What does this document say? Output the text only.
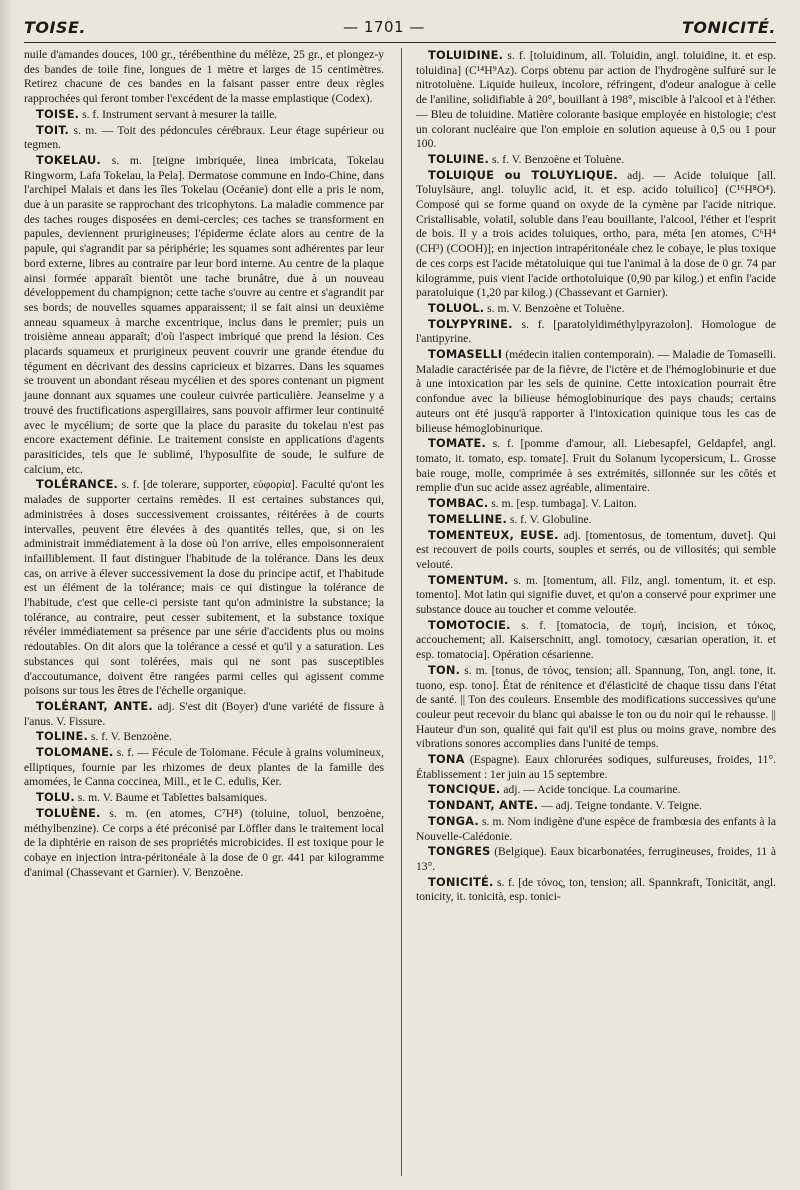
TOISE.	— 1701 —	TONICITÉ.

nuile d'amandes douces, 100 gr., térébenthine du mélèze, 25 gr., et plongez-y des bandes de toile fine, longues de 1 mètre et larges de 15 centimètres. Retirez chacune de ces bandes en la faisant passer entre deux règles rapprochées qui feront tomber l'excédent de la masse emplastique (Codex).

TOISE. s. f. Instrument servant à mesurer la taille.

TOIT. s. m. — Toit des pédoncules cérébraux. Leur étage supérieur ou tegmen.

TOKELAU. s. m. [teigne imbriquée, linea imbricata, Tokelau Ringworm, Lafa Tokelau, la Pela]. Dermatose commune en Indo-Chine, dans l'archipel Malais et dans les îles Tokelau (Océanie) dont elle a pris le nom, due à un parasite se rapprochant des tricophytons. La maladie commence par des taches rouges disposées en demi-cercles; ces taches se transforment en papules, deviennent prurigineuses; l'épiderme éclate alors au centre de la papule, qui s'agrandit par sa périphérie; les squames sont adhérentes par leur bord externe, libres au contraire par leur bord interne. Au centre de la plaque ainsi formée apparaît bientôt une tache brunâtre, due à un nouveau développement du champignon; cette tache s'ouvre au centre et s'agrandit par ses bords; de nouvelles squames apparaissent; il se fait ainsi un deuxième anneau squameux à marche excentrique, inclus dans le premier; puis un troisième anneau apparaît; d'où l'aspect imbriqué que prend la lésion. Ces placards squameux et prurigineux peuvent couvrir une grande étendue du tégument en décrivant des dessins capricieux et bizarres. Dans les squames se trouvent un abondant réseau mycélien et des spores contenant un pigment jaune donnant aux squames une couleur cuivrée particulière. Jeanselme y a trouvé des fructifications aspergillaires, sans pouvoir affirmer leur continuité avec le mycélium; de sorte que la place du parasite du tokelau n'est pas encore exactement définie. Le traitement consiste en applications d'agents parasiticides, tels que le sublimé, l'hyposulfite de soude, le sulfure de calcium, etc.

TOLÉRANCE. s. f. [de tolerare, supporter, εὐφορία]. Faculté qu'ont les malades de supporter certains remèdes. Il est certaines substances qui, administrées à doses successivement croissantes, réitérées à de courts intervalles, peuvent être élevées à des quantités telles, que, si on les administrait immédiatement à la dose où l'on arrive, elles empoisonneraient infailliblement. Il faut distinguer l'habitude de la tolérance. Dans les deux cas, on arrive à élever successivement la dose du principe actif, et l'habitude est un élément de la tolérance; mais ce qui distingue la tolérance de l'habitude, c'est que celle-ci persiste tant qu'on administre la substance; la tolérance, au contraire, peut cesser subitement, et la substance toxique révéler immédiatement sa présence par une série d'accidents plus ou moins redoutables. On dit alors que la tolérance a cessé et qu'il y a saturation. Les substances qui sont tolérées, mais qui ne sont pas susceptibles d'accoutumance, doivent être rangées parmi celles qui agissent comme poisons sur tous les êtres de l'échelle organique.

TOLÉRANT, ANTE. adj. S'est dit (Boyer) d'une variété de fissure à l'anus. V. Fissure.

TOLINE. s. f. V. Benzoène.

TOLOMANE. s. f. — Fécule de Tolomane. Fécule à grains volumineux, elliptiques, fournie par les rhizomes de deux plantes de la famille des amomées, le Canna coccinea, Mill., et le C. edulis, Ker.

TOLU. s. m. V. Baume et Tablettes balsamiques.

TOLUÈNE. s. m. (en atomes, C⁷H⁸) (toluine, toluol, benzoène, méthylbenzine). Ce corps a été préconisé par Löffler dans le traitement local de la diphtérie en raison de ses propriétés microbicides. Il est toxique pour le cobaye en injection intra-péritonéale à la dose de 0 gr. 441 par kilogramme d'animal (Chassevant et Garnier). V. Benzoène.

TOLUIDINE. s. f. [toluidinum, all. Toluidin, angl. toluidine, it. et esp. toluidina] (C¹⁴H⁹Az). Corps obtenu par action de l'hydrogène sulfuré sur le nitrotoluène. Liquide huileux, incolore, réfringent, d'odeur analogue à celle de l'aniline, solidifiable à 20°, bouillant à 198°, miscible à l'alcool et à l'éther. — Bleu de toluidine. Matière colorante basique employée en histologie; c'est un colorant nucléaire que l'on emploie en solution aqueuse à 0,5 ou 1 pour 100.

TOLUINE. s. f. V. Benzoène et Toluène.

TOLUIQUE ou TOLUYLIQUE. adj. — Acide toluique [all. Toluylsäure, angl. toluylic acid, it. et esp. acido toluilico] (C¹⁶H⁸O⁴). Composé qui se forme quand on oxyde de la cymène par l'acide nitrique. Cristallisable, volatil, soluble dans l'eau bouillante, l'alcool, l'éther et l'esprit de bois. Il y a trois acides toluiques, ortho, para, méta [en atomes, C⁶H⁴ (CH³) (COOH)]; en injection intrapéritonéale chez le cobaye, le plus toxique de ces corps est l'acide métatoluique qui tue l'animal à la dose de 0 gr. 74 par kilogramme, puis vient l'acide orthotoluique (0,90 par kilog.) et enfin l'acide paratoluique (1,20 par kilog.) (Chassevant et Garnier).

TOLUOL. s. m. V. Benzoène et Toluène.

TOLYPYRINE. s. f. [paratolyldiméthylpyrazolon]. Homologue de l'antipyrine.

TOMASELLI (médecin italien contemporain). — Maladie de Tomaselli. Maladie caractérisée par de la fièvre, de l'ictère et de l'hémoglobinurie et due à une intoxication par les sels de quinine. Cette intoxication pourrait être confondue avec la bilieuse hémoglobinurique des pays chauds; certains auteurs ont été jusqu'à rapporter à l'intoxication quinique tous les cas de bilieuse hémoglobinurique.

TOMATE. s. f. [pomme d'amour, all. Liebesapfel, Geldapfel, angl. tomato, it. tomato, esp. tomate]. Fruit du Solanum lycopersicum, L. Grosse baie rouge, molle, comprimée à ses extrémités, sillonnée sur les côtés et remplie d'un suc acide assez agréable, alimentaire.

TOMBAC. s. m. [esp. tumbaga]. V. Laiton.

TOMELLINE. s. f. V. Globuline.

TOMENTEUX, EUSE. adj. [tomentosus, de tomentum, duvet]. Qui est recouvert de poils courts, souples et serrés, ou de villosités; qui semble velouté.

TOMENTUM. s. m. [tomentum, all. Filz, angl. tomentum, it. et esp. tomento]. Mot latin qui signifie duvet, et qu'on a conservé pour exprimer une substance douce au toucher et comme veloutée.

TOMOTOCIE. s. f. [tomatocia, de τομή, incision, et τόκος, accouchement; all. Kaiserschnitt, angl. tomotocy, cæsarian operation, it. et esp. tomatocia]. Opération césarienne.

TON. s. m. [tonus, de τόνος, tension; all. Spannung, Ton, angl. tone, it. tuono, esp. tono]. État de rénitence et d'élasticité de chaque tissu dans l'état de santé. || Ton des couleurs. Ensemble des modifications successives qu'une couleur peut recevoir du blanc qui abaisse le ton ou du noir qui le rehausse. || Hauteur d'un son, qualité qui fait qu'il est plus ou moins grave, nombre des vibrations sonores accomplies dans l'unité de temps.

TONA (Espagne). Eaux chlorurées sodiques, sulfureuses, froides, 11°. Établissement : 1er juin au 15 septembre.

TONCIQUE. adj. — Acide toncique. La coumarine.

TONDANT, ANTE. — adj. Teigne tondante. V. Teigne.

TONGA. s. m. Nom indigène d'une espèce de frambœsia des enfants à la Nouvelle-Calédonie.

TONGRES (Belgique). Eaux bicarbonatées, ferrugineuses, froides, 11 à 13°.

TONICITÉ. s. f. [de τόνος, ton, tension; all. Spannkraft, Tonicität, angl. tonicity, it. tonicità, esp. tonici-
